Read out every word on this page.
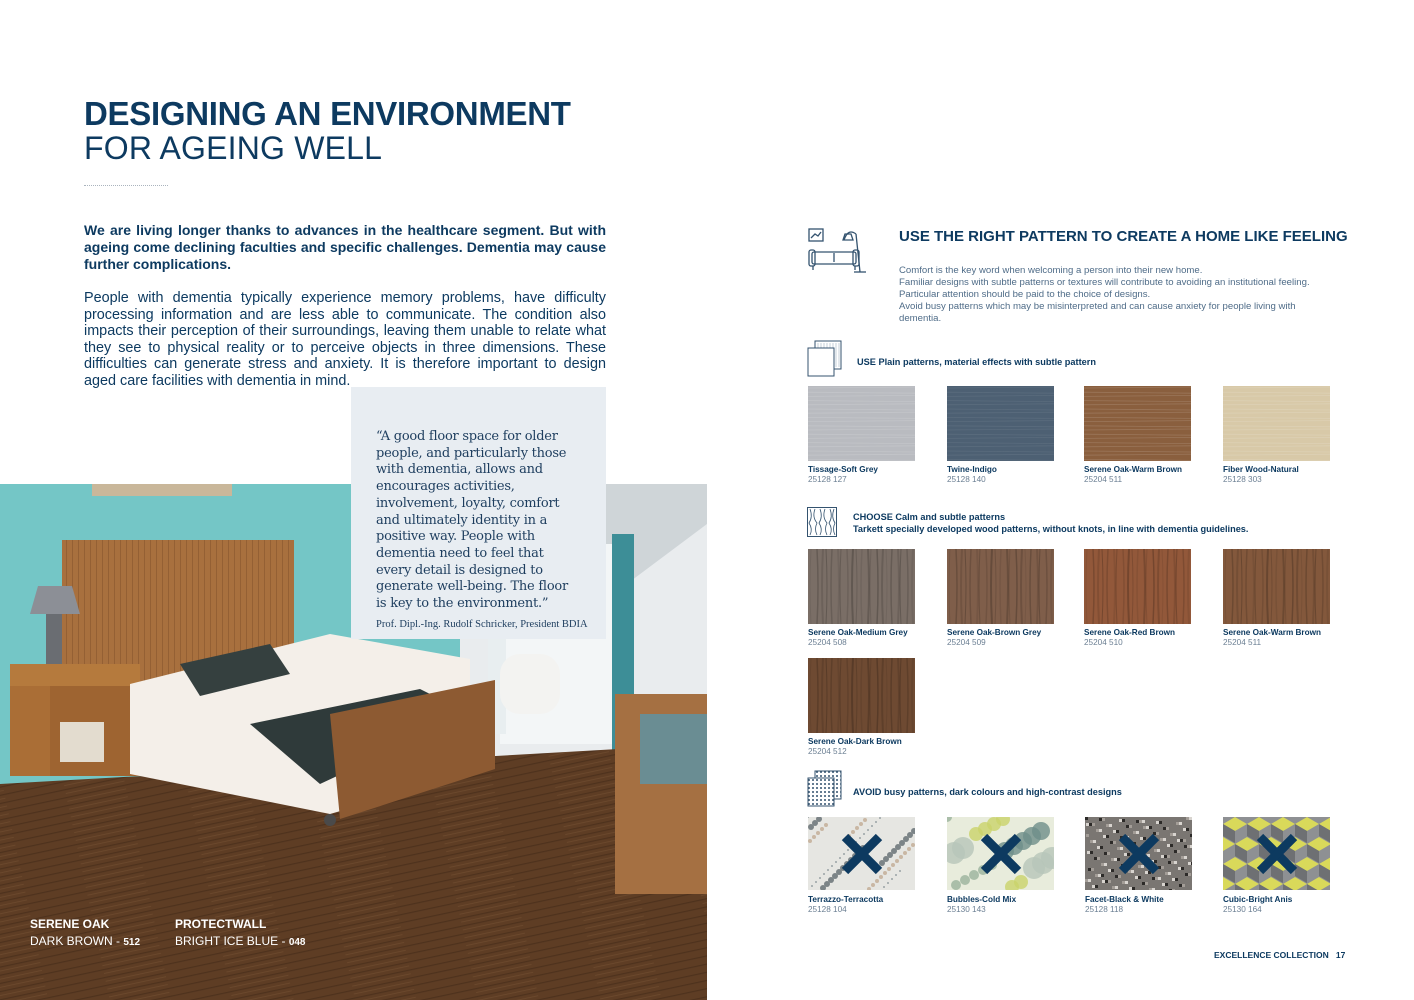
DESIGNING AN ENVIRONMENT
FOR AGEING WELL

We are living longer thanks to advances in the healthcare segment. But with ageing come declining faculties and specific challenges. Dementia may cause further complications.

People with dementia typically experience memory problems, have difficulty processing information and are less able to communicate. The condition also impacts their perception of their surroundings, leaving them unable to relate what they see to physical reality or to perceive objects in three dimensions. These difficulties can generate stress and anxiety. It is therefore important to design aged care facilities with dementia in mind.

“A good floor space for older people, and particularly those with dementia, allows and encourages activities, involvement, loyalty, comfort and ultimately identity in a positive way. People with dementia need to feel that every detail is designed to generate well-being. The floor is key to the environment.”

Prof. Dipl.-Ing. Rudolf Schricker, President BDIA

SERENE OAK
DARK BROWN - 512
PROTECTWALL
BRIGHT ICE BLUE - 048
USE THE RIGHT PATTERN TO CREATE A HOME LIKE FEELING
Comfort is the key word when welcoming a person into their new home.
Familiar designs with subtle patterns or textures will contribute to avoiding an institutional feeling.
Particular attention should be paid to the choice of designs.
Avoid busy patterns which may be misinterpreted and can cause anxiety for people living with dementia.
USE Plain patterns, material effects with subtle pattern
CHOOSE Calm and subtle patterns
Tarkett specially developed wood patterns, without knots, in line with dementia guidelines.
AVOID busy patterns, dark colours and high-contrast designs
EXCELLENCE COLLECTION 17
Tissage-Soft Grey
25128 127
Twine-Indigo
25128 140
Serene Oak-Warm Brown
25204 511
Fiber Wood-Natural
25128 303
Serene Oak-Medium Grey
25204 508
Serene Oak-Brown Grey
25204 509
Serene Oak-Red Brown
25204 510
Serene Oak-Warm Brown
25204 511
Serene Oak-Dark Brown
25204 512
Terrazzo-Terracotta
25128 104
Bubbles-Cold Mix
25130 143
Facet-Black & White
25128 118
Cubic-Bright Anis
25130 164
